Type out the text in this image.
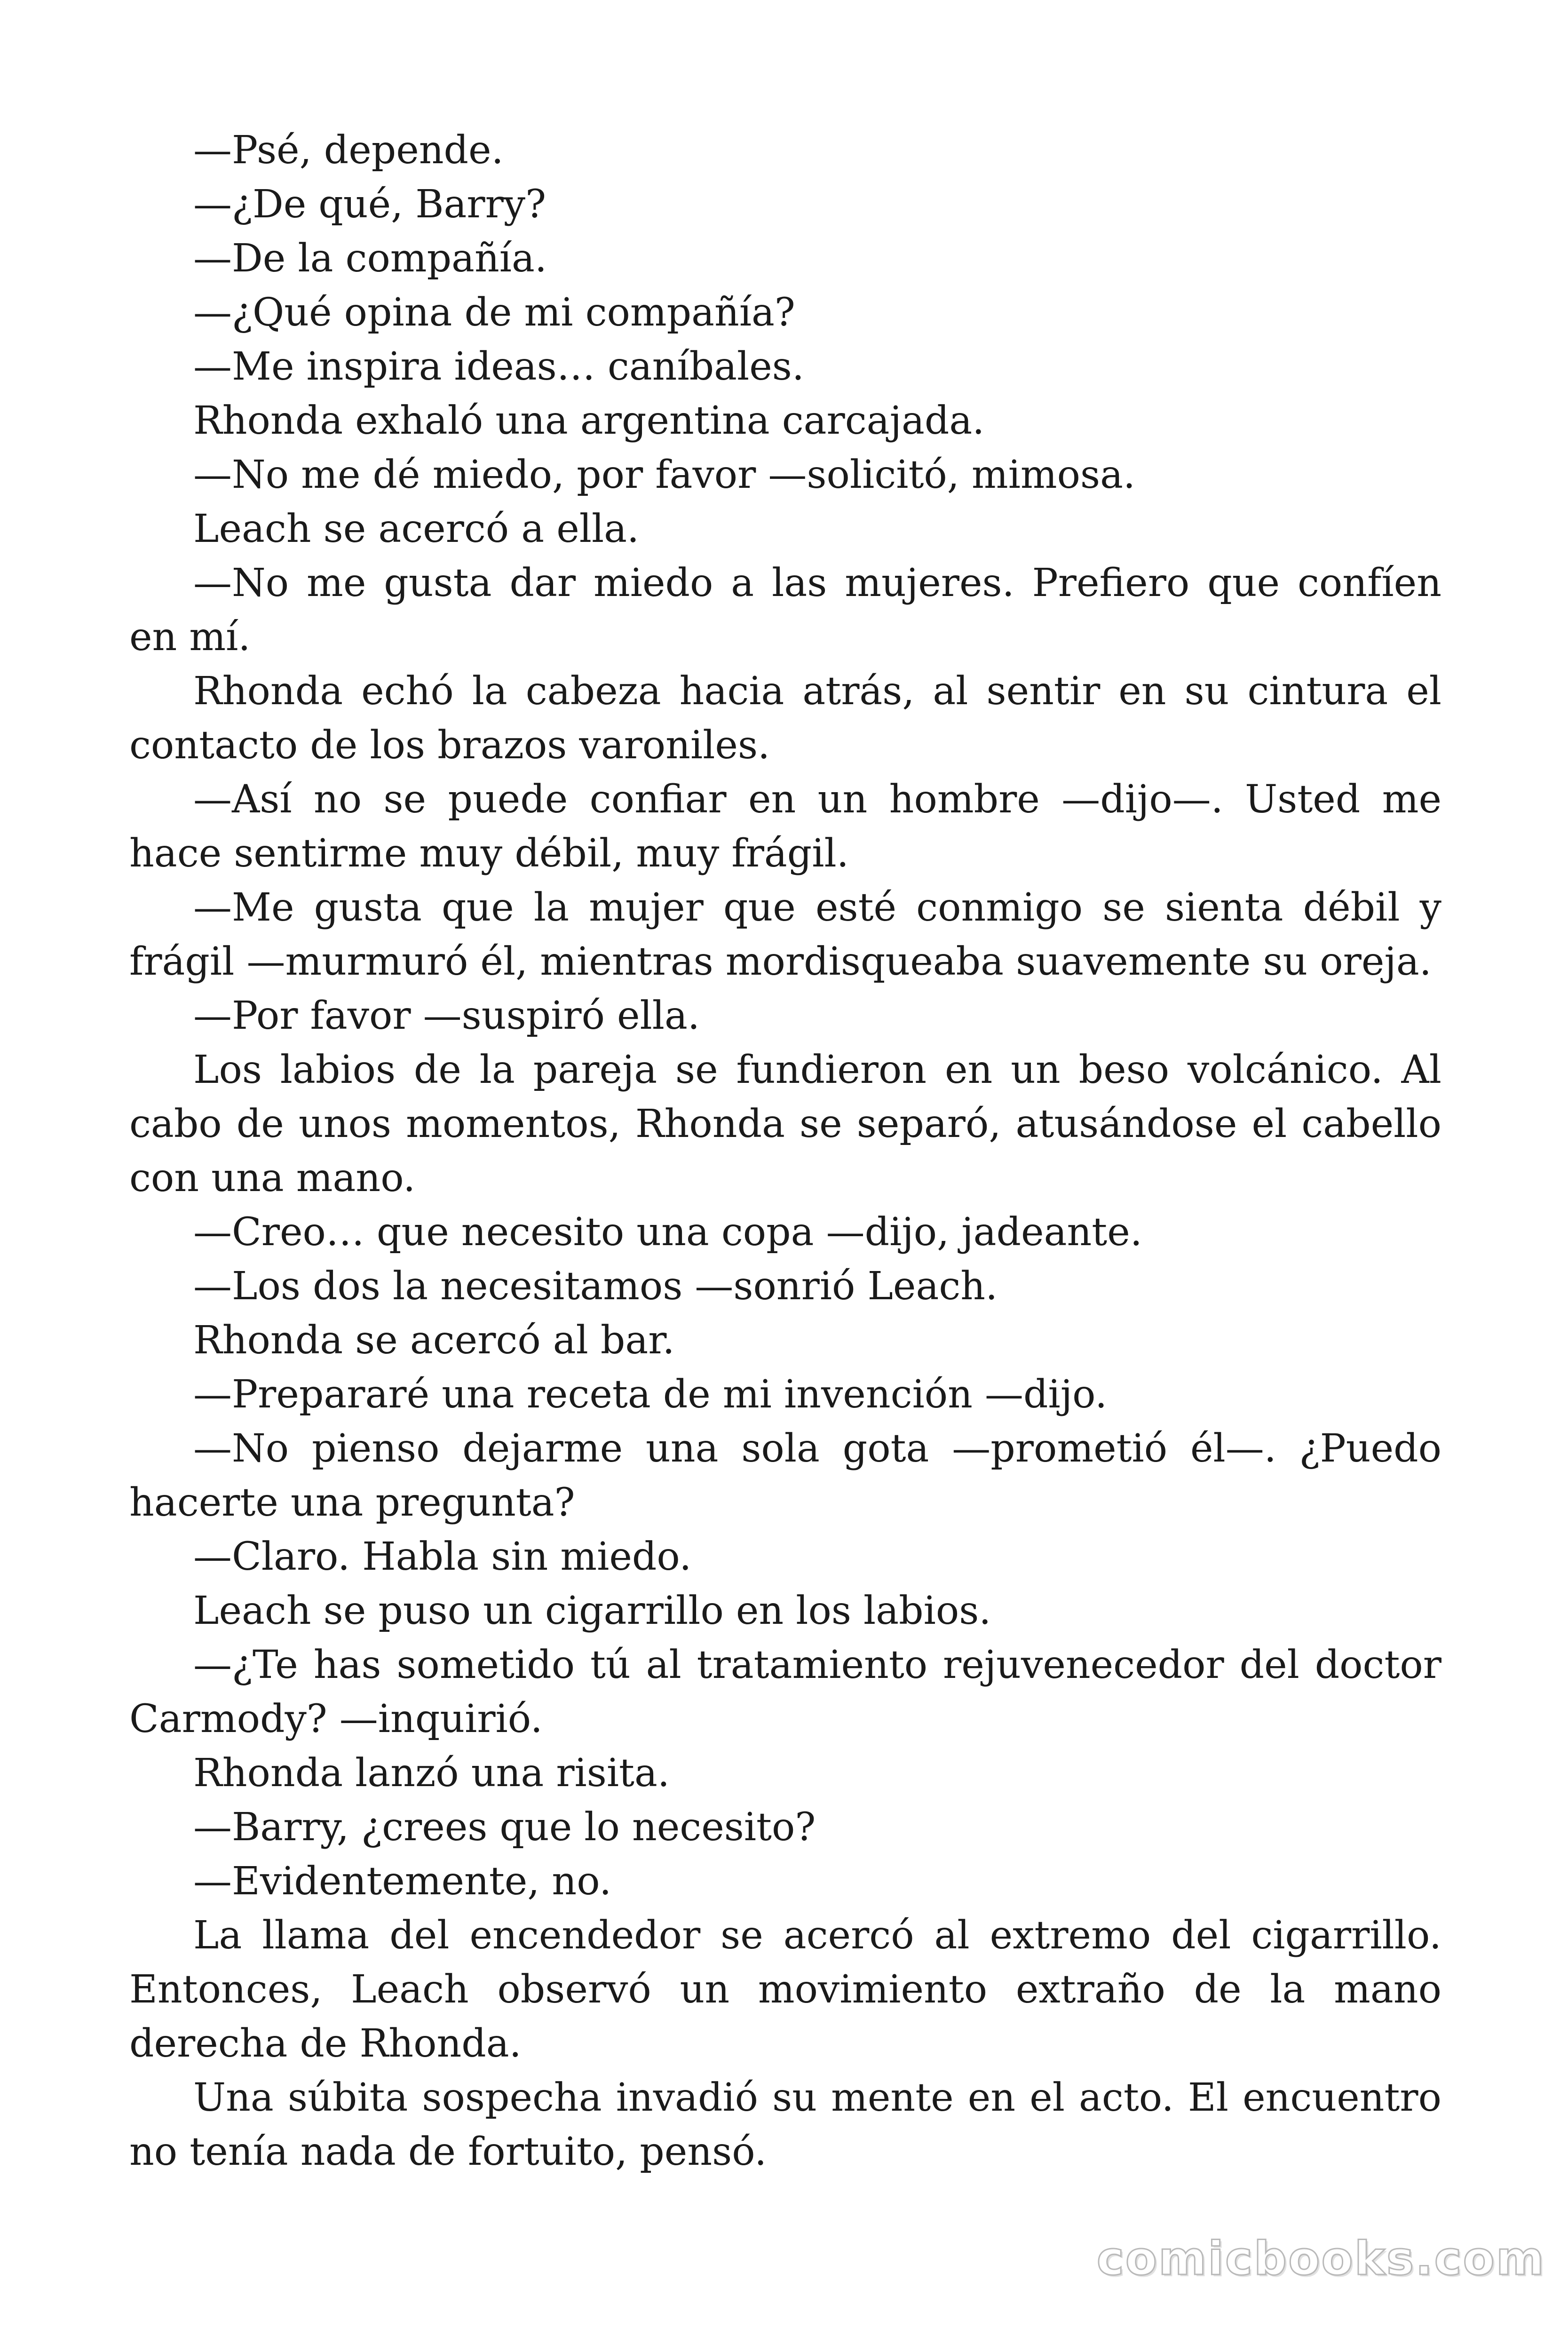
—Psé, depende.

—¿De qué, Barry?

—De la compañía.

—¿Qué opina de mi compañía?

—Me inspira ideas… caníbales.

Rhonda exhaló una argentina carcajada.

—No me dé miedo, por favor —solicitó, mimosa.

Leach se acercó a ella.

—No me gusta dar miedo a las mujeres. Prefiero que confíen en mí.

Rhonda echó la cabeza hacia atrás, al sentir en su cintura el contacto de los brazos varoniles.

—Así no se puede confiar en un hombre —dijo—. Usted me hace sentirme muy débil, muy frágil.

—Me gusta que la mujer que esté conmigo se sienta débil y frágil —murmuró él, mientras mordisqueaba suavemente su oreja.

—Por favor —suspiró ella.

Los labios de la pareja se fundieron en un beso volcánico. Al cabo de unos momentos, Rhonda se separó, atusándose el cabello con una mano.

—Creo… que necesito una copa —dijo, jadeante.

—Los dos la necesitamos —sonrió Leach.

Rhonda se acercó al bar.

—Prepararé una receta de mi invención —dijo.

—No pienso dejarme una sola gota —prometió él—. ¿Puedo hacerte una pregunta?

—Claro. Habla sin miedo.

Leach se puso un cigarrillo en los labios.

—¿Te has sometido tú al tratamiento rejuvenecedor del doctor Carmody? —inquirió.

Rhonda lanzó una risita.

—Barry, ¿crees que lo necesito?

—Evidentemente, no.

La llama del encendedor se acercó al extremo del cigarrillo. Entonces, Leach observó un movimiento extraño de la mano derecha de Rhonda.

Una súbita sospecha invadió su mente en el acto. El encuentro no tenía nada de fortuito, pensó.

comicbooks.com
